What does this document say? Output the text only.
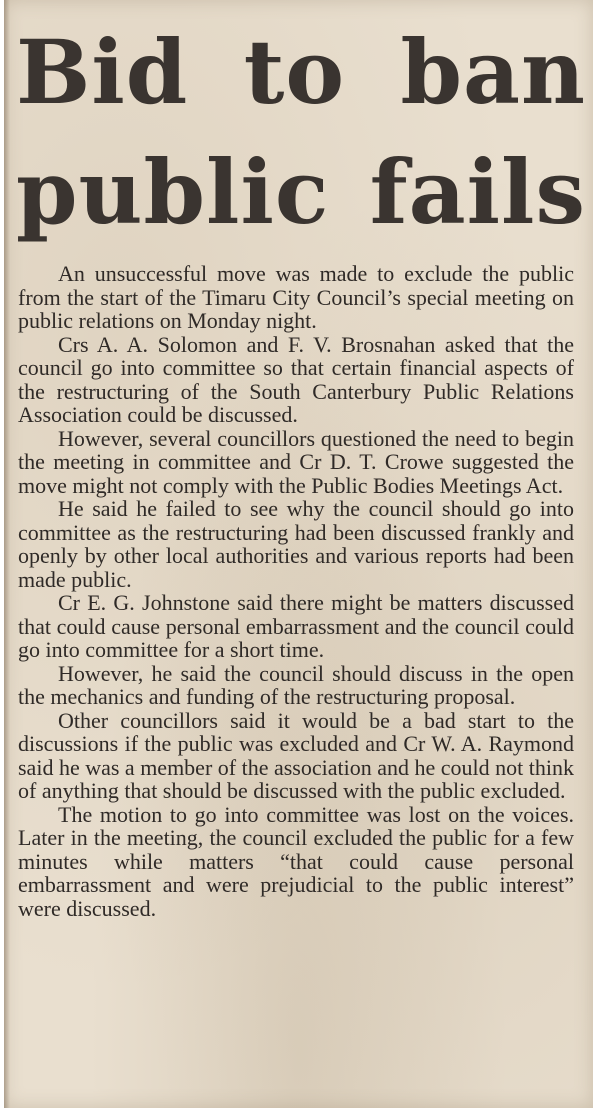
Bid to ban
public fails

An unsuccessful move was made to exclude the public from the start of the Timaru City Council’s special meeting on public relations on Monday night.

Crs A. A. Solomon and F. V. Brosnahan asked that the council go into committee so that certain financial aspects of the restructuring of the South Canterbury Public Relations Association could be discussed.

However, several councillors questioned the need to begin the meeting in committee and Cr D. T. Crowe suggested the move might not comply with the Public Bodies Meetings Act.

He said he failed to see why the council should go into committee as the restructuring had been discussed frankly and openly by other local authorities and various reports had been made public.

Cr E. G. Johnstone said there might be matters discussed that could cause personal embarrassment and the council could go into committee for a short time.

However, he said the council should discuss in the open the mechanics and funding of the restructuring proposal.

Other councillors said it would be a bad start to the discussions if the public was excluded and Cr W. A. Raymond said he was a member of the association and he could not think of anything that should be discussed with the public excluded.

The motion to go into committee was lost on the voices. Later in the meeting, the council excluded the public for a few minutes while matters “that could cause personal embarrassment and were prejudicial to the public interest” were discussed.
